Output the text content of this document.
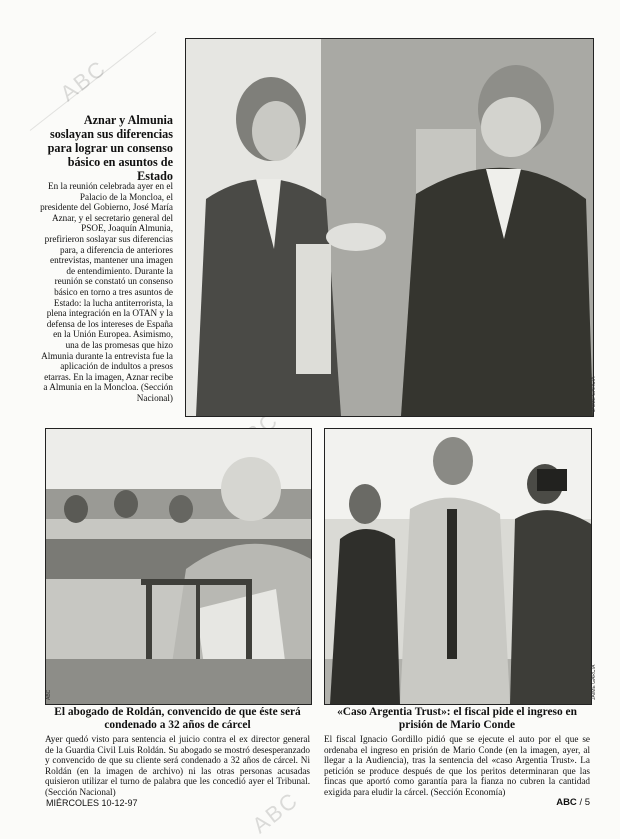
ABC
ABC
Aznar y Almunia soslayan sus diferencias para lograr un consenso básico en asuntos de Estado

En la reunión celebrada ayer en el Palacio de la Moncloa, el presidente del Gobierno, José María Aznar, y el secretario general del PSOE, Joaquín Almunia, prefirieron soslayar sus diferencias para, a diferencia de anteriores entrevistas, mantener una imagen de entendimiento. Durante la reunión se constató un consenso básico en torno a tres asuntos de Estado: la lucha antiterrorista, la plena integración en la OTAN y la defensa de los intereses de España en la Unión Europea. Asimismo, una de las promesas que hizo Almunia durante la entrevista fue la aplicación de indultos a presos etarras. En la imagen, Aznar recibe a Almunia en la Moncloa. (Sección Nacional)	JAIME GARCÍA
ABC
El abogado de Roldán, convencido de que éste será condenado a 32 años de cárcel

Ayer quedó visto para sentencia el juicio contra el ex director general de la Guardia Civil Luis Roldán. Su abogado se mostró desesperanzado y convencido de que su cliente será condenado a 32 años de cárcel. Ni Roldán (en la imagen de archivo) ni las otras personas acusadas quisieron utilizar el turno de palabra que les concedió ayer el Tribunal. (Sección Nacional)

JAIME GARCÍA
«Caso Argentia Trust»: el fiscal pide el ingreso en prisión de Mario Conde

El fiscal Ignacio Gordillo pidió que se ejecute el auto por el que se ordenaba el ingreso en prisión de Mario Conde (en la imagen, ayer, al llegar a la Audiencia), tras la sentencia del «caso Argentia Trust». La petición se produce después de que los peritos determinaran que las fincas que aportó como garantía para la fianza no cubren la cantidad exigida para eludir la cárcel. (Sección Economía)

MIÉRCOLES 10-12-97	ABC / 5
